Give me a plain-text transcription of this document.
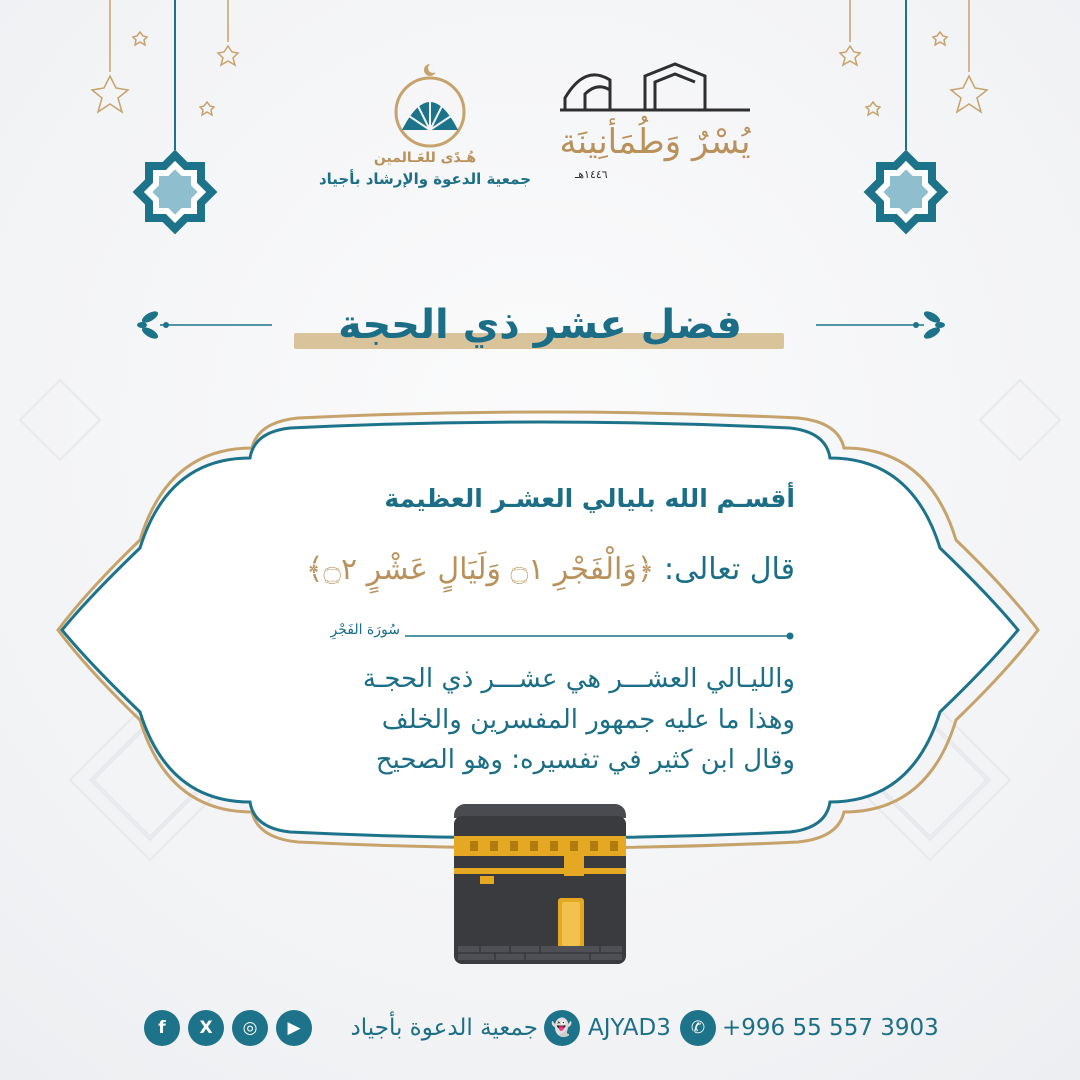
هُـدًى للعَـالمين
جمعية الدعوة والإرشاد بأجياد
يُسْرٌ وَطُمَأنِينَة
١٤٤٦هـ
فضل عشر ذي الحجة
أقسـم الله بليالي العشـر العظيمة
قال تعالى: ﴿وَالْفَجْرِ ۝١ وَلَيَالٍ عَشْرٍ ۝٢﴾
سُورَة الفَجْرِ
والليـالي العشـــر هي عشـــر ذي الحجـة
وهذا ما عليه جمهور المفسرين والخلف
وقال ابن كثير في تفسيره: وهو الصحيح
+996 55 557 3903
✆
AJYAD3
👻
جمعية الدعوة بأجياد
▶
◎
X
f
